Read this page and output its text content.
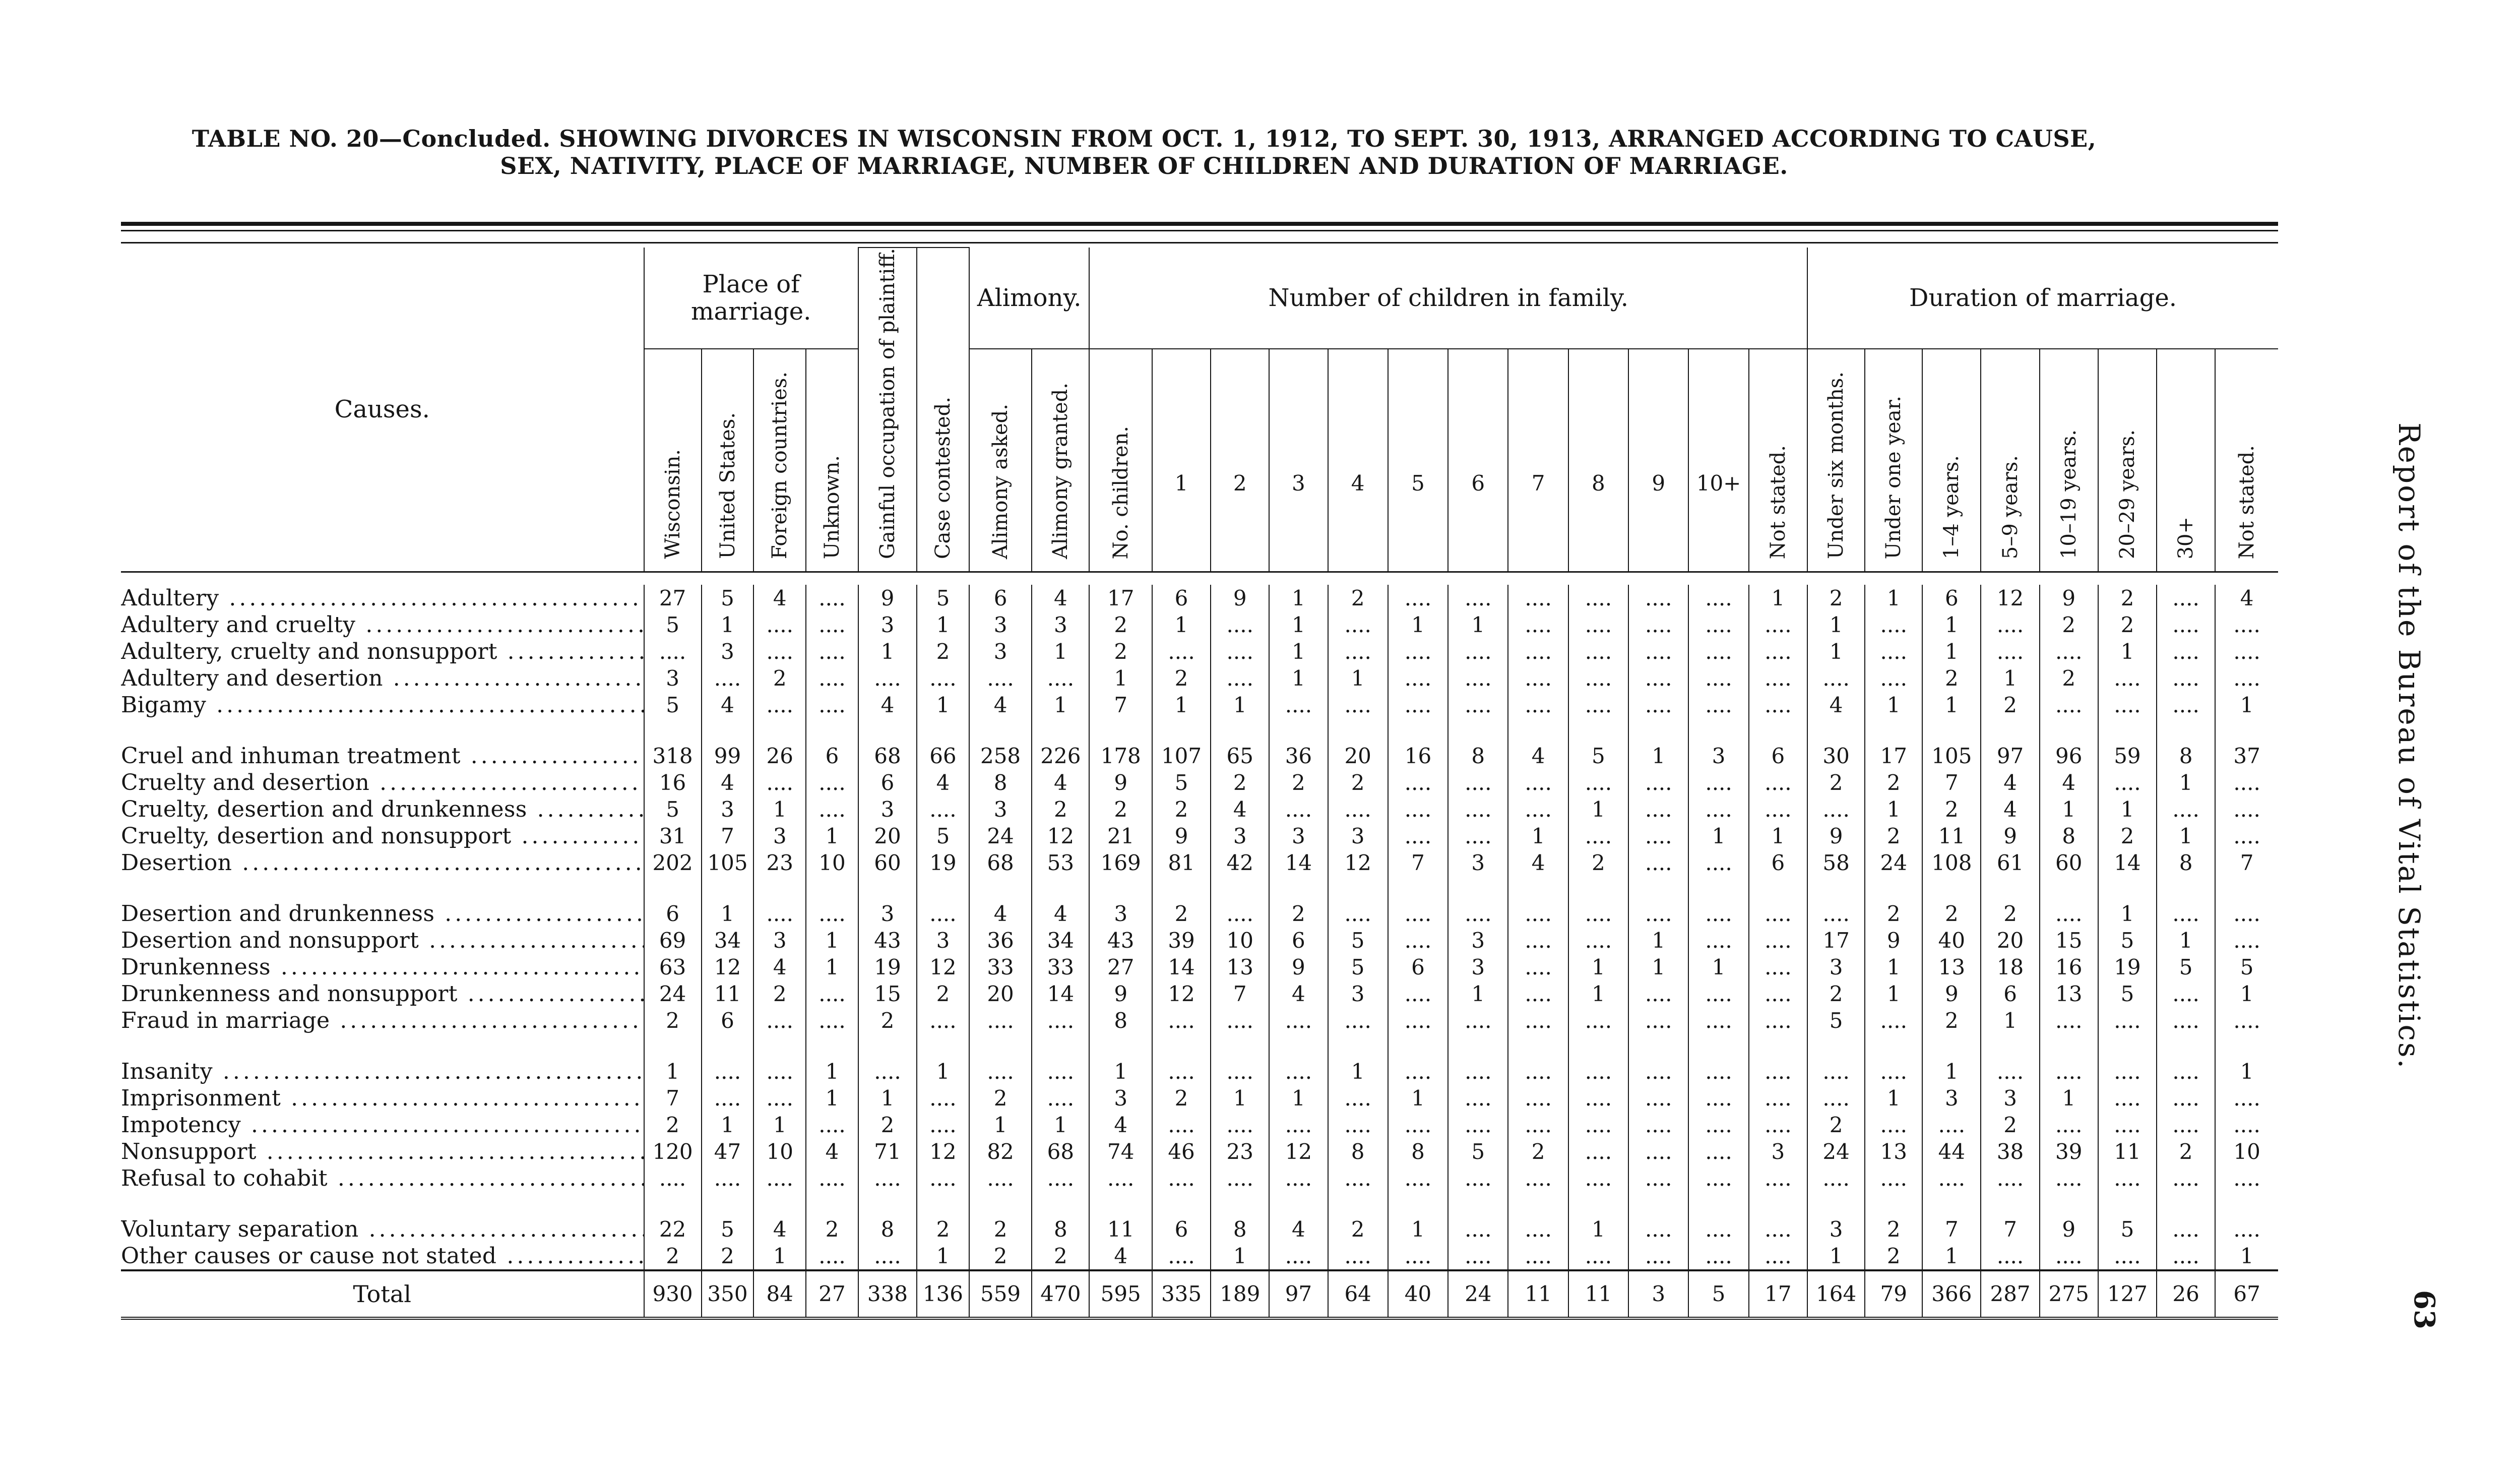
TABLE NO. 20—Concluded. SHOWING DIVORCES IN WISCONSIN FROM OCT. 1, 1912, TO SEPT. 30, 1913, ARRANGED ACCORDING TO CAUSE,
SEX, NATIVITY, PLACE OF MARRIAGE, NUMBER OF CHILDREN AND DURATION OF MARRIAGE.
Causes.	Place of marriage.				Gainful occupation of plaintiff.	Case contested.	Alimony.		Number of children in family.												Duration of marriage.							
	Wisconsin.	United States.	Foreign countries.	Unknown.			Alimony asked.	Alimony granted.	No. children.	1	2	3	4	5	6	7	8	9	10+	Not stated.	Under six months.	Under one year.	1–4 years.	5–9 years.	10–19 years.	20–29 years.	30+	Not stated.

Adultery .....	27	5	4	....	9	5	6	4	17	6	9	1	2	....	....	....	....	....	....	1	2	1	6	12	9	2	....	4
Adultery and cruelty .....	5	1	....	....	3	1	3	3	2	1	....	1	....	1	1	....	....	....	....	....	1	....	1	....	2	2	....	....
Adultery, cruelty and nonsupport .....	....	3	....	....	1	2	3	1	2	....	....	1	....	....	....	....	....	....	....	....	1	....	1	....	....	1	....	....
Adultery and desertion .....	3	....	2	....	....	....	....	....	1	2	....	1	1	....	....	....	....	....	....	....	....	....	2	1	2	....	....	....
Bigamy .....	5	4	....	....	4	1	4	1	7	1	1	....	....	....	....	....	....	....	....	....	4	1	1	2	....	....	....	1

Cruel and inhuman treatment .....	318	99	26	6	68	66	258	226	178	107	65	36	20	16	8	4	5	1	3	6	30	17	105	97	96	59	8	37
Cruelty and desertion .....	16	4	....	....	6	4	8	4	9	5	2	2	2	....	....	....	....	....	....	....	2	2	7	4	4	....	1	....
Cruelty, desertion and drunkenness .....	5	3	1	....	3	....	3	2	2	2	4	....	....	....	....	....	1	....	....	....	....	1	2	4	1	1	....	....
Cruelty, desertion and nonsupport .....	31	7	3	1	20	5	24	12	21	9	3	3	3	....	....	1	....	....	1	1	9	2	11	9	8	2	1	....
Desertion .....	202	105	23	10	60	19	68	53	169	81	42	14	12	7	3	4	2	....	....	6	58	24	108	61	60	14	8	7

Desertion and drunkenness .....	6	1	....	....	3	....	4	4	3	2	....	2	....	....	....	....	....	....	....	....	....	2	2	2	....	1	....	....
Desertion and nonsupport .....	69	34	3	1	43	3	36	34	43	39	10	6	5	....	3	....	....	1	....	....	17	9	40	20	15	5	1	....
Drunkenness .....	63	12	4	1	19	12	33	33	27	14	13	9	5	6	3	....	1	1	1	....	3	1	13	18	16	19	5	5
Drunkenness and nonsupport .....	24	11	2	....	15	2	20	14	9	12	7	4	3	....	1	....	1	....	....	....	2	1	9	6	13	5	....	1
Fraud in marriage .....	2	6	....	....	2	....	....	....	8	....	....	....	....	....	....	....	....	....	....	....	5	....	2	1	....	....	....	....

Insanity .....	1	....	....	1	....	1	....	....	1	....	....	....	1	....	....	....	....	....	....	....	....	....	1	....	....	....	....	1
Imprisonment .....	7	....	....	1	1	....	2	....	3	2	1	1	....	1	....	....	....	....	....	....	....	1	3	3	1	....	....	....
Impotency .....	2	1	1	....	2	....	1	1	4	....	....	....	....	....	....	....	....	....	....	....	2	....	....	2	....	....	....	....
Nonsupport .....	120	47	10	4	71	12	82	68	74	46	23	12	8	8	5	2	....	....	....	3	24	13	44	38	39	11	2	10
Refusal to cohabit .....	....	....	....	....	....	....	....	....	....	....	....	....	....	....	....	....	....	....	....	....	....	....	....	....	....	....	....	....

Voluntary separation .....	22	5	4	2	8	2	2	8	11	6	8	4	2	1	....	....	1	....	....	....	3	2	7	7	9	5	....	....
Other causes or cause not stated .....	2	2	1	....	....	1	2	2	4	....	1	....	....	....	....	....	....	....	....	....	1	2	1	....	....	....	....	1
Total	930	350	84	27	338	136	559	470	595	335	189	97	64	40	24	11	11	3	5	17	164	79	366	287	275	127	26	67
Report of the Bureau of Vital Statistics.
63
